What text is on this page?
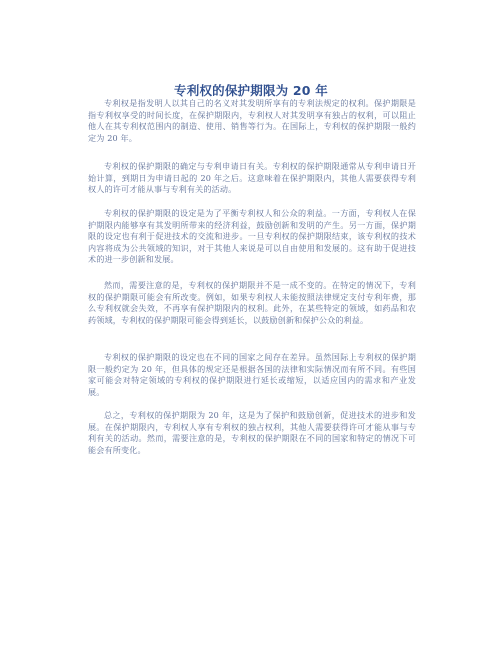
专利权的保护期限为 20 年

专利权是指发明人以其自己的名义对其发明所享有的专利法规定的权利。保护期限是指专利权享受的时间长度，在保护期限内，专利权人对其发明享有独占的权利，可以阻止他人在其专利权范围内的制造、使用、销售等行为。在国际上，专利权的保护期限一般约定为 20 年。

专利权的保护期限的确定与专利申请日有关。专利权的保护期限通常从专利申请日开始计算，到期日为申请日起的 20 年之后。这意味着在保护期限内，其他人需要获得专利权人的许可才能从事与专利有关的活动。

专利权的保护期限的设定是为了平衡专利权人和公众的利益。一方面，专利权人在保护期限内能够享有其发明所带来的经济利益，鼓励创新和发明的产生。另一方面，保护期限的设定也有利于促进技术的交流和进步。一旦专利权的保护期限结束，该专利权的技术内容将成为公共领域的知识，对于其他人来说是可以自由使用和发展的。这有助于促进技术的进一步创新和发展。

然而，需要注意的是，专利权的保护期限并不是一成不变的。在特定的情况下，专利权的保护期限可能会有所改变。例如，如果专利权人未能按照法律规定支付专利年费，那么专利权就会失效，不再享有保护期限内的权利。此外，在某些特定的领域，如药品和农药领域，专利权的保护期限可能会得到延长，以鼓励创新和保护公众的利益。

专利权的保护期限的设定也在不同的国家之间存在差异。虽然国际上专利权的保护期限一般约定为 20 年，但具体的规定还是根据各国的法律和实际情况而有所不同。有些国家可能会对特定领域的专利权的保护期限进行延长或缩短，以适应国内的需求和产业发展。

总之，专利权的保护期限为 20 年，这是为了保护和鼓励创新，促进技术的进步和发展。在保护期限内，专利权人享有专利权的独占权利，其他人需要获得许可才能从事与专利有关的活动。然而，需要注意的是，专利权的保护期限在不同的国家和特定的情况下可能会有所变化。
